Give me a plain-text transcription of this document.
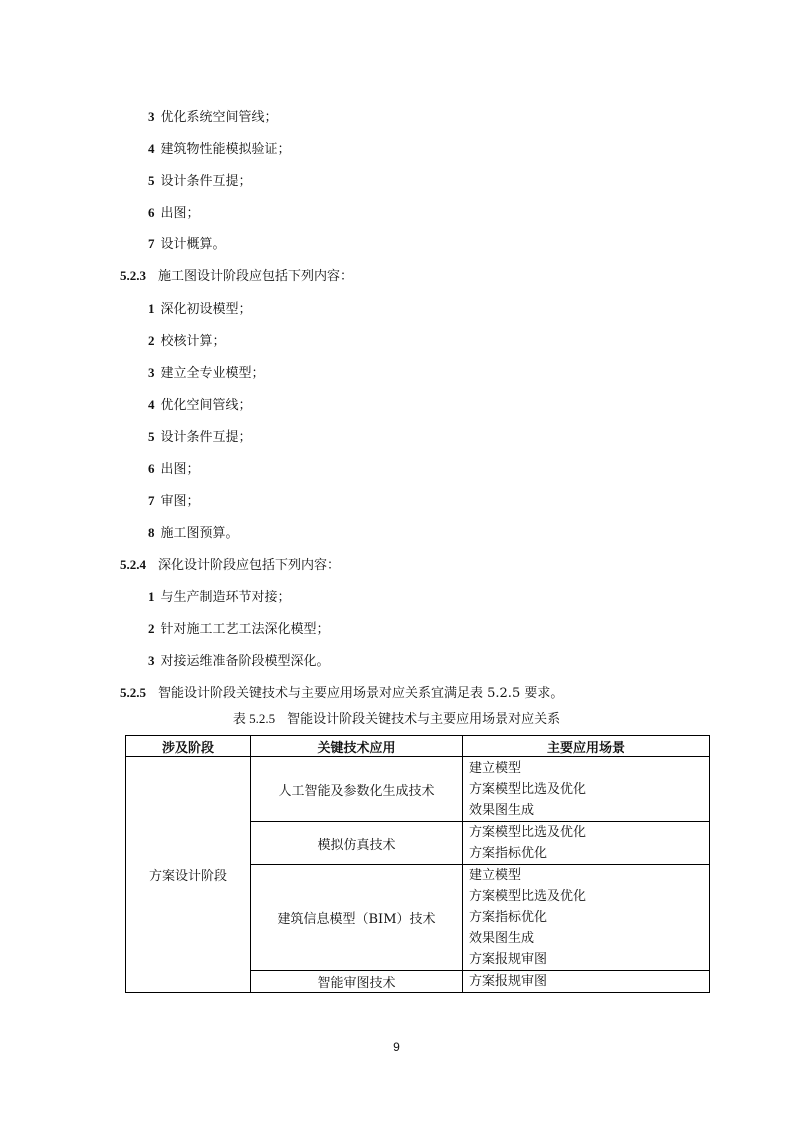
3 优化系统空间管线；
4 建筑物性能模拟验证；
5 设计条件互提；
6 出图；
7 设计概算。
5.2.3 施工图设计阶段应包括下列内容：
1 深化初设模型；
2 校核计算；
3 建立全专业模型；
4 优化空间管线；
5 设计条件互提；
6 出图；
7 审图；
8 施工图预算。
5.2.4 深化设计阶段应包括下列内容：
1 与生产制造环节对接；
2 针对施工工艺工法深化模型；
3 对接运维准备阶段模型深化。
5.2.5 智能设计阶段关键技术与主要应用场景对应关系宜满足表 5.2.5 要求。
表 5.2.5 智能设计阶段关键技术与主要应用场景对应关系
涉及阶段	关键技术应用	主要应用场景
方案设计阶段	人工智能及参数化生成技术	建立模型
方案模型比选及优化
效果图生成

	模拟仿真技术	方案模型比选及优化
方案指标优化

	建筑信息模型（BIM）技术	建立模型
方案模型比选及优化
方案指标优化
效果图生成
方案报规审图

	智能审图技术	方案报规审图
9
